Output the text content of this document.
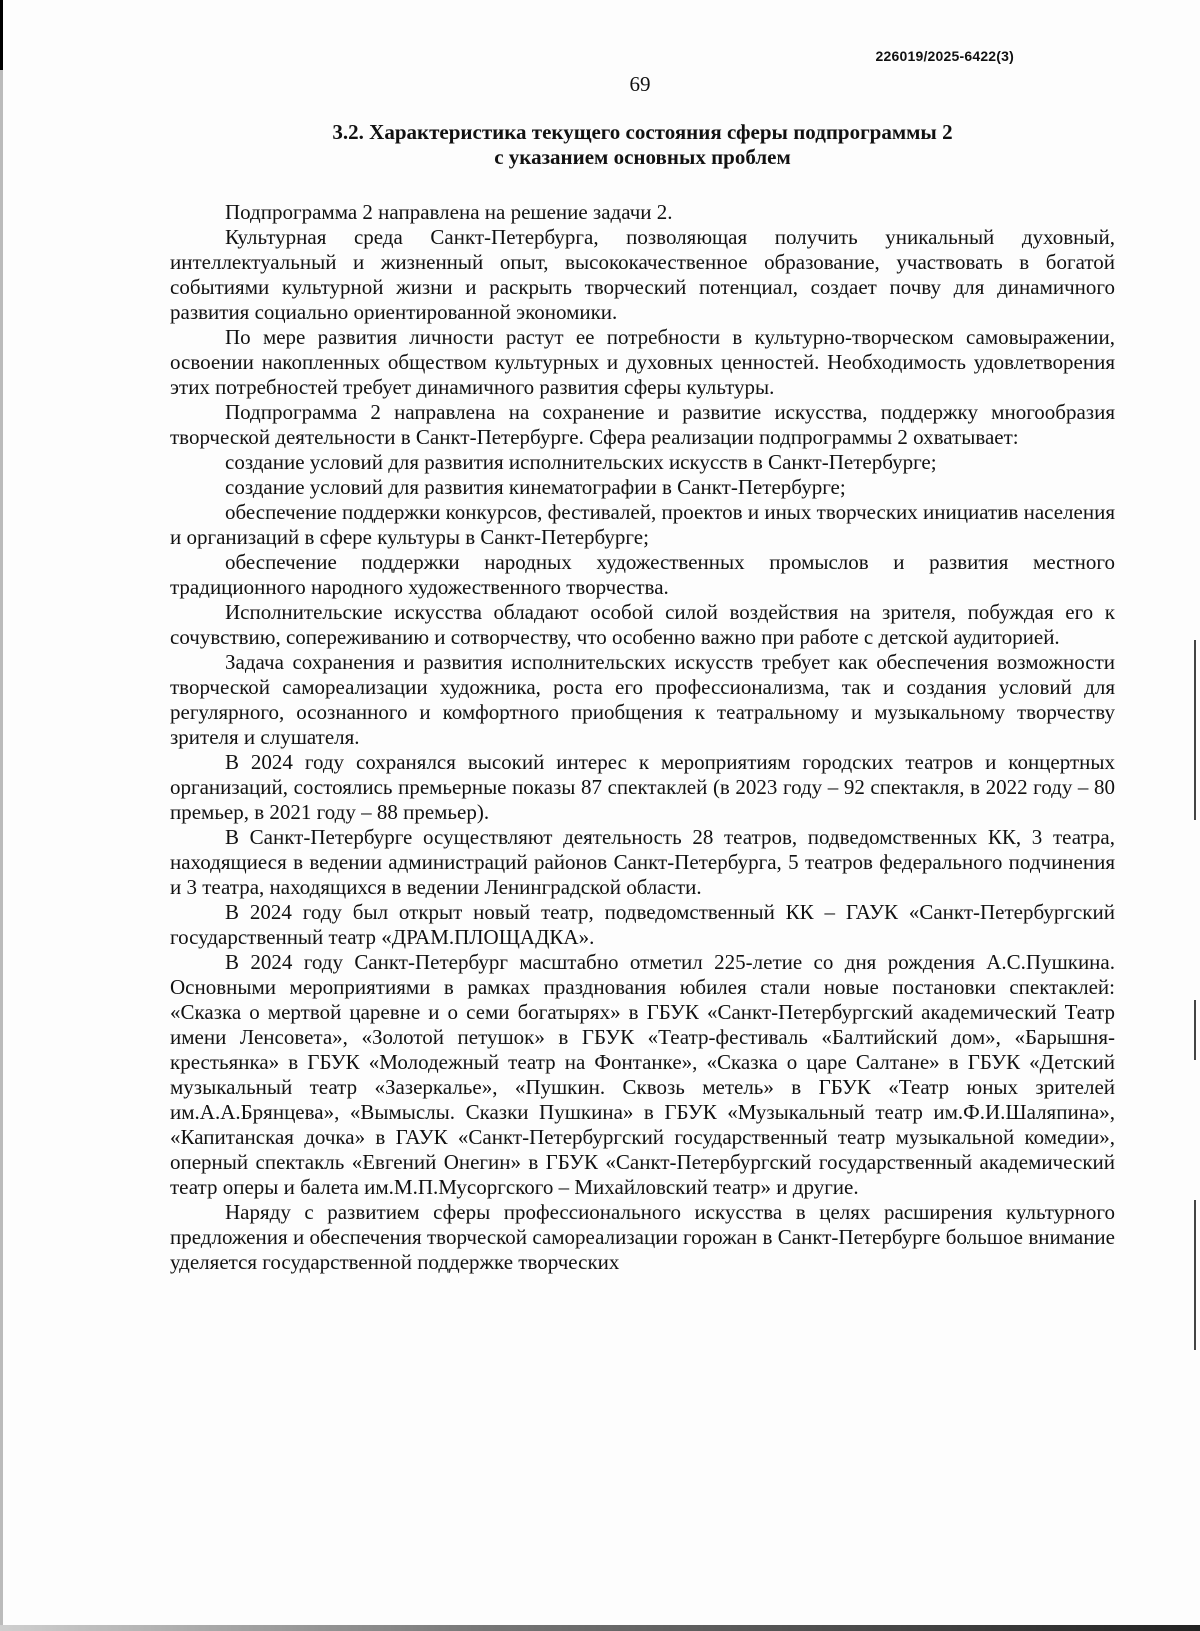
226019/2025-6422(3)
69
3.2. Характеристика текущего состояния сферы подпрограммы 2
с указанием основных проблем

Подпрограмма 2 направлена на решение задачи 2.

Культурная среда Санкт-Петербурга, позволяющая получить уникальный духовный, интеллектуальный и жизненный опыт, высококачественное образование, участвовать в богатой событиями культурной жизни и раскрыть творческий потенциал, создает почву для динамичного развития социально ориентированной экономики.

По мере развития личности растут ее потребности в культурно-творческом самовыражении, освоении накопленных обществом культурных и духовных ценностей. Необходимость удовлетворения этих потребностей требует динамичного развития сферы культуры.

Подпрограмма 2 направлена на сохранение и развитие искусства, поддержку многообразия творческой деятельности в Санкт-Петербурге. Сфера реализации подпрограммы 2 охватывает:

создание условий для развития исполнительских искусств в Санкт-Петербурге;

создание условий для развития кинематографии в Санкт-Петербурге;

обеспечение поддержки конкурсов, фестивалей, проектов и иных творческих инициатив населения и организаций в сфере культуры в Санкт-Петербурге;

обеспечение поддержки народных художественных промыслов и развития местного традиционного народного художественного творчества.

Исполнительские искусства обладают особой силой воздействия на зрителя, побуждая его к сочувствию, сопереживанию и сотворчеству, что особенно важно при работе с детской аудиторией.

Задача сохранения и развития исполнительских искусств требует как обеспечения возможности творческой самореализации художника, роста его профессионализма, так и создания условий для регулярного, осознанного и комфортного приобщения к театральному и музыкальному творчеству зрителя и слушателя.

В 2024 году сохранялся высокий интерес к мероприятиям городских театров и концертных организаций, состоялись премьерные показы 87 спектаклей (в 2023 году – 92 спектакля, в 2022 году – 80 премьер, в 2021 году – 88 премьер).

В Санкт-Петербурге осуществляют деятельность 28 театров, подведомственных КК, 3 театра, находящиеся в ведении администраций районов Санкт-Петербурга, 5 театров федерального подчинения и 3 театра, находящихся в ведении Ленинградской области.

В 2024 году был открыт новый театр, подведомственный КК – ГАУК «Санкт-Петербургский государственный театр «ДРАМ.ПЛОЩАДКА».

В 2024 году Санкт-Петербург масштабно отметил 225-летие со дня рождения А.С.Пушкина. Основными мероприятиями в рамках празднования юбилея стали новые постановки спектаклей: «Сказка о мертвой царевне и о семи богатырях» в ГБУК «Санкт-Петербургский академический Театр имени Ленсовета», «Золотой петушок» в ГБУК «Театр-фестиваль «Балтийский дом», «Барышня-крестьянка» в ГБУК «Молодежный театр на Фонтанке», «Сказка о царе Салтане» в ГБУК «Детский музыкальный театр «Зазеркалье», «Пушкин. Сквозь метель» в ГБУК «Театр юных зрителей им.А.А.Брянцева», «Вымыслы. Сказки Пушкина» в ГБУК «Музыкальный театр им.Ф.И.Шаляпина», «Капитанская дочка» в ГАУК «Санкт-Петербургский государственный театр музыкальной комедии», оперный спектакль «Евгений Онегин» в ГБУК «Санкт-Петербургский государственный академический театр оперы и балета им.М.П.Мусоргского – Михайловский театр» и другие.

Наряду с развитием сферы профессионального искусства в целях расширения культурного предложения и обеспечения творческой самореализации горожан в Санкт-Петербурге большое внимание уделяется государственной поддержке творческих
